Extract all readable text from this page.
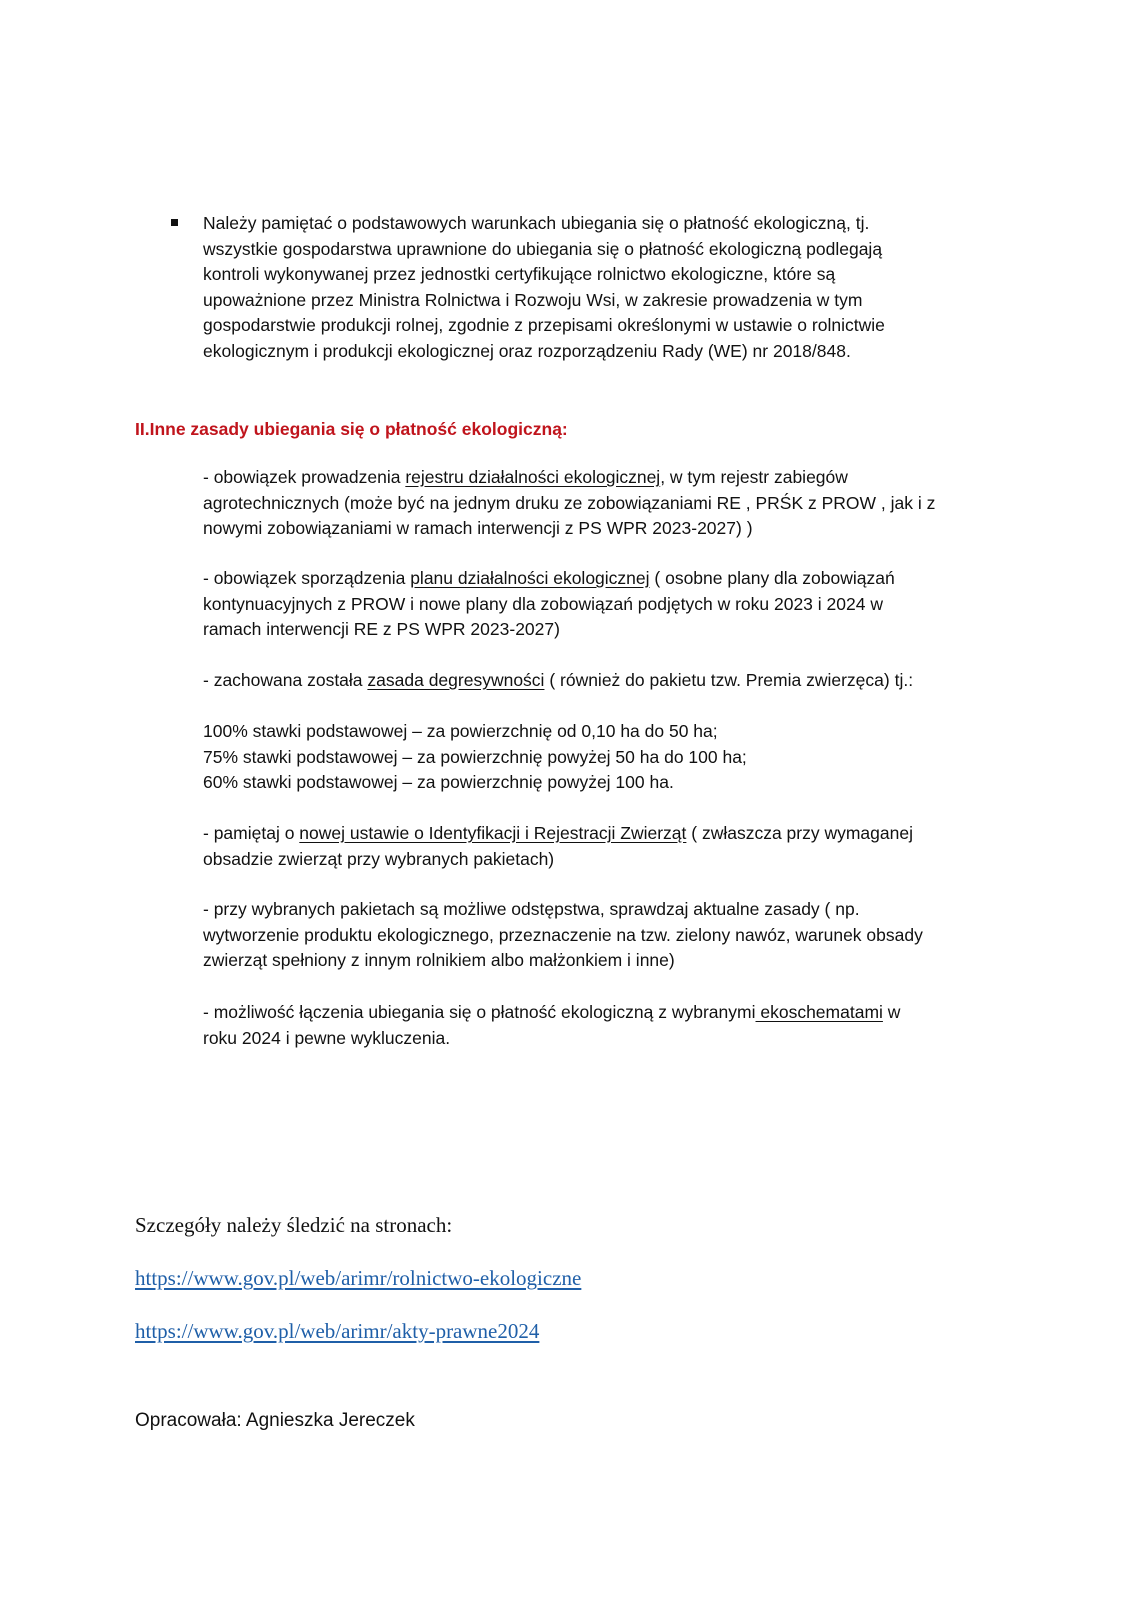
Należy pamiętać o podstawowych warunkach ubiegania się o płatność ekologiczną, tj.
wszystkie gospodarstwa uprawnione do ubiegania się o płatność ekologiczną podlegają
kontroli wykonywanej przez jednostki certyfikujące rolnictwo ekologiczne, które są
upoważnione przez Ministra Rolnictwa i Rozwoju Wsi, w zakresie prowadzenia w tym
gospodarstwie produkcji rolnej, zgodnie z przepisami określonymi w ustawie o rolnictwie
ekologicznym i produkcji ekologicznej oraz rozporządzeniu Rady (WE) nr 2018/848.
II.Inne zasady ubiegania się o płatność ekologiczną:
- obowiązek prowadzenia rejestru działalności ekologicznej, w tym rejestr zabiegów
agrotechnicznych (może być na jednym druku ze zobowiązaniami RE , PRŚK z PROW , jak i z
nowymi zobowiązaniami w ramach interwencji z PS WPR 2023-2027) )
- obowiązek sporządzenia planu działalności ekologicznej ( osobne plany dla zobowiązań
kontynuacyjnych z PROW i nowe plany dla zobowiązań podjętych w roku 2023 i 2024 w
ramach interwencji RE z PS WPR 2023-2027)
- zachowana została zasada degresywności ( również do pakietu tzw. Premia zwierzęca) tj.:
100% stawki podstawowej – za powierzchnię od 0,10 ha do 50 ha;
75% stawki podstawowej – za powierzchnię powyżej 50 ha do 100 ha;
60% stawki podstawowej – za powierzchnię powyżej 100 ha.
- pamiętaj o nowej ustawie o Identyfikacji i Rejestracji Zwierząt ( zwłaszcza przy wymaganej
obsadzie zwierząt przy wybranych pakietach)
- przy wybranych pakietach są możliwe odstępstwa, sprawdzaj aktualne zasady ( np.
wytworzenie produktu ekologicznego, przeznaczenie na tzw. zielony nawóz, warunek obsady
zwierząt spełniony z innym rolnikiem albo małżonkiem i inne)
- możliwość łączenia ubiegania się o płatność ekologiczną z wybranymi ekoschematami w
roku 2024 i pewne wykluczenia.
Szczegóły należy śledzić na stronach:
https://www.gov.pl/web/arimr/rolnictwo-ekologiczne
https://www.gov.pl/web/arimr/akty-prawne2024
Opracowała: Agnieszka Jereczek
